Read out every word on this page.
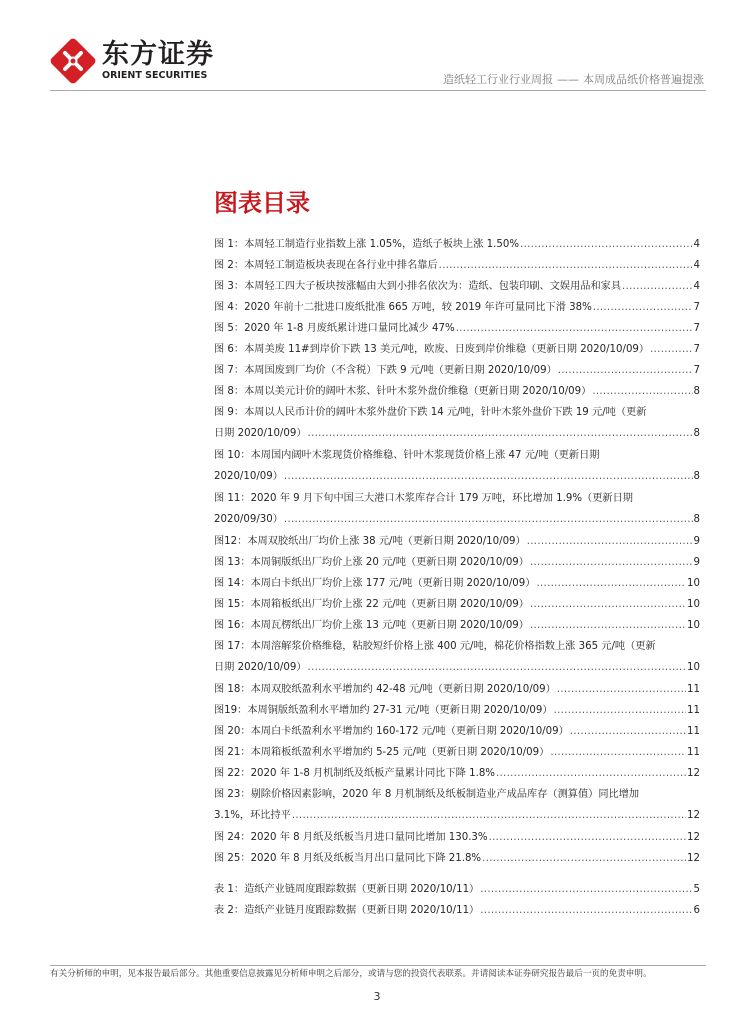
东方证券
ORIENT SECURITIES	造纸轻工行业行业周报 —— 本周成品纸价格普遍提涨
图表目录
图 1：本周轻工制造行业指数上涨 1.05%，造纸子板块上涨 1.50% .....	4
图 2：本周轻工制造板块表现在各行业中排名靠后 .....	4
图 3：本周轻工四大子板块按涨幅由大到小排名依次为：造纸、包装印刷、文娱用品和家具 .....	4
图 4：2020 年前十二批进口废纸批准 665 万吨，较 2019 年许可量同比下滑 38% .....	7
图 5：2020 年 1-8 月废纸累计进口量同比减少 47% .....	7
图 6：本周美废 11#到岸价下跌 13 美元/吨，欧废、日废到岸价维稳（更新日期 2020/10/09） .....	7
图 7：本周国废到厂均价（不含税）下跌 9 元/吨（更新日期 2020/10/09） .....	7
图 8：本周以美元计价的阔叶木浆、针叶木浆外盘价维稳（更新日期 2020/10/09） .....	8
图 9：本周以人民币计价的阔叶木浆外盘价下跌 14 元/吨，针叶木浆外盘价下跌 19 元/吨（更新
日期 2020/10/09） .....	8
图 10：本周国内阔叶木浆现货价格维稳、针叶木浆现货价格上涨 47 元/吨（更新日期
2020/10/09） .....	8
图 11：2020 年 9 月下旬中国三大港口木浆库存合计 179 万吨，环比增加 1.9%（更新日期
2020/09/30） .....	8
图12：本周双胶纸出厂均价上涨 38 元/吨（更新日期 2020/10/09） .....	9
图 13：本周铜版纸出厂均价上涨 20 元/吨（更新日期 2020/10/09） .....	9
图 14：本周白卡纸出厂均价上涨 177 元/吨（更新日期 2020/10/09） .....	10
图 15：本周箱板纸出厂均价上涨 22 元/吨（更新日期 2020/10/09） .....	10
图 16：本周瓦楞纸出厂均价上涨 13 元/吨（更新日期 2020/10/09） .....	10
图 17：本周溶解浆价格维稳，粘胶短纤价格上涨 400 元/吨，棉花价格指数上涨 365 元/吨（更新
日期 2020/10/09） .....	10
图 18：本周双胶纸盈利水平增加约 42-48 元/吨（更新日期 2020/10/09） .....	11
图19：本周铜版纸盈利水平增加约 27-31 元/吨（更新日期 2020/10/09） .....	11
图 20：本周白卡纸盈利水平增加约 160-172 元/吨（更新日期 2020/10/09） .....	11
图 21：本周箱板纸盈利水平增加约 5-25 元/吨（更新日期 2020/10/09） .....	11
图 22：2020 年 1-8 月机制纸及纸板产量累计同比下降 1.8% .....	12
图 23：剔除价格因素影响，2020 年 8 月机制纸及纸板制造业产成品库存（测算值）同比增加
3.1%，环比持平 .....	12
图 24：2020 年 8 月纸及纸板当月进口量同比增加 130.3% .....	12
图 25：2020 年 8 月纸及纸板当月出口量同比下降 21.8% .....	12
表 1：造纸产业链周度跟踪数据（更新日期 2020/10/11） .....	5
表 2：造纸产业链月度跟踪数据（更新日期 2020/10/11） .....	6
有关分析师的申明，见本报告最后部分。其他重要信息披露见分析师申明之后部分，或请与您的投资代表联系。并请阅读本证券研究报告最后一页的免责申明。
3
